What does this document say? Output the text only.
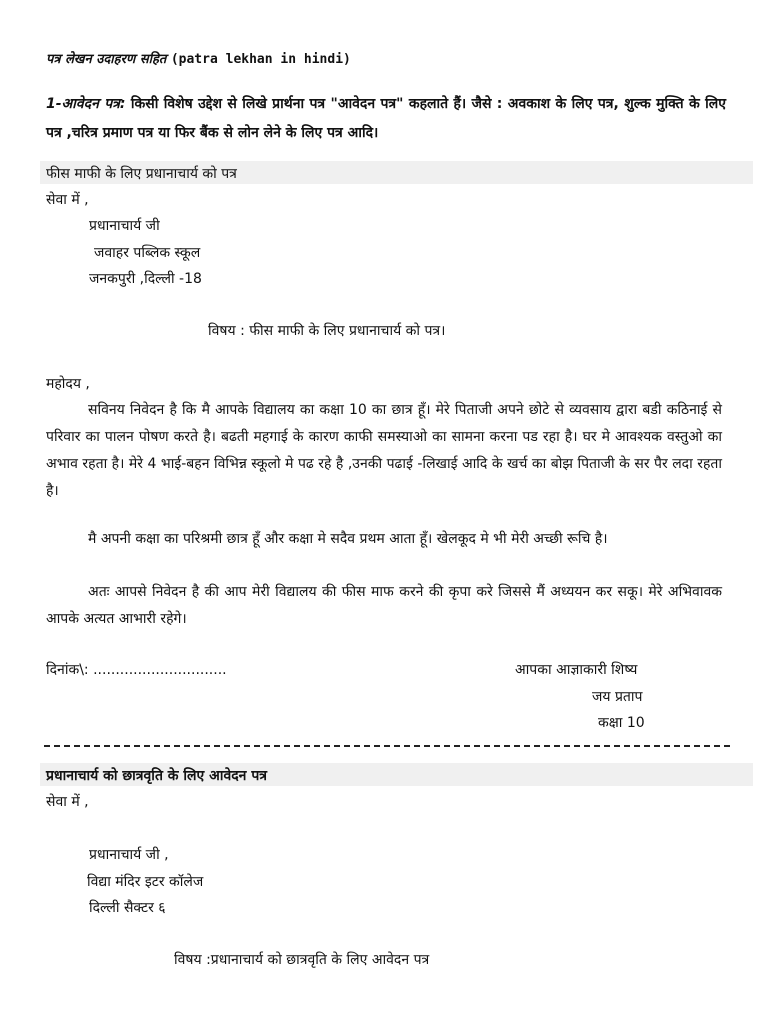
पत्र लेखन उदाहरण सहित (patra lekhan in hindi)
1-आवेदन पत्र: किसी विशेष उद्देश से लिखे प्रार्थना पत्र "आवेदन पत्र" कहलाते हैं। जैसे : अवकाश के लिए पत्र, शुल्क मुक्ति के लिए पत्र ,चरित्र प्रमाण पत्र या फिर बैंक से लोन लेने के लिए पत्र आदि।
फीस माफी के लिए प्रधानाचार्य को पत्र
सेवा में ,
प्रधानाचार्य जी
जवाहर पब्लिक स्कूल
जनकपुरी ,दिल्ली -18
विषय : फीस माफी के लिए प्रधानाचार्य को पत्र।
महोदय ,
सविनय निवेदन है कि मै आपके विद्यालय का कक्षा 10 का छात्र हूँ। मेरे पिताजी अपने छोटे से व्यवसाय द्वारा बडी कठिनाई से परिवार का पालन पोषण करते है। बढती महगाई के कारण काफी समस्याओ का सामना करना पड रहा है। घर मे आवश्यक वस्तुओ का अभाव रहता है। मेरे 4 भाई-बहन विभिन्न स्कूलो मे पढ रहे है ,उनकी पढाई -लिखाई आदि के खर्च का बोझ पिताजी के सर पैर लदा रहता है।
मै अपनी कक्षा का परिश्रमी छात्र हूँ और कक्षा मे सदैव प्रथम आता हूँ। खेलकूद मे भी मेरी अच्छी रूचि है।
अतः आपसे निवेदन है की आप मेरी विद्यालय की फीस माफ करने की कृपा करे जिससे मैं अध्ययन कर सकू। मेरे अभिवावक आपके अत्यत आभारी रहेगे।
दिनांक\: ..............................	आपका आज्ञाकारी शिष्य
जय प्रताप
कक्षा 10
प्रधानाचार्य को छात्रवृति के लिए आवेदन पत्र
सेवा में ,
प्रधानाचार्य जी ,
विद्या मंदिर इटर कॉलेज
दिल्ली सैक्टर ६
विषय :प्रधानाचार्य को छात्रवृति के लिए आवेदन पत्र
